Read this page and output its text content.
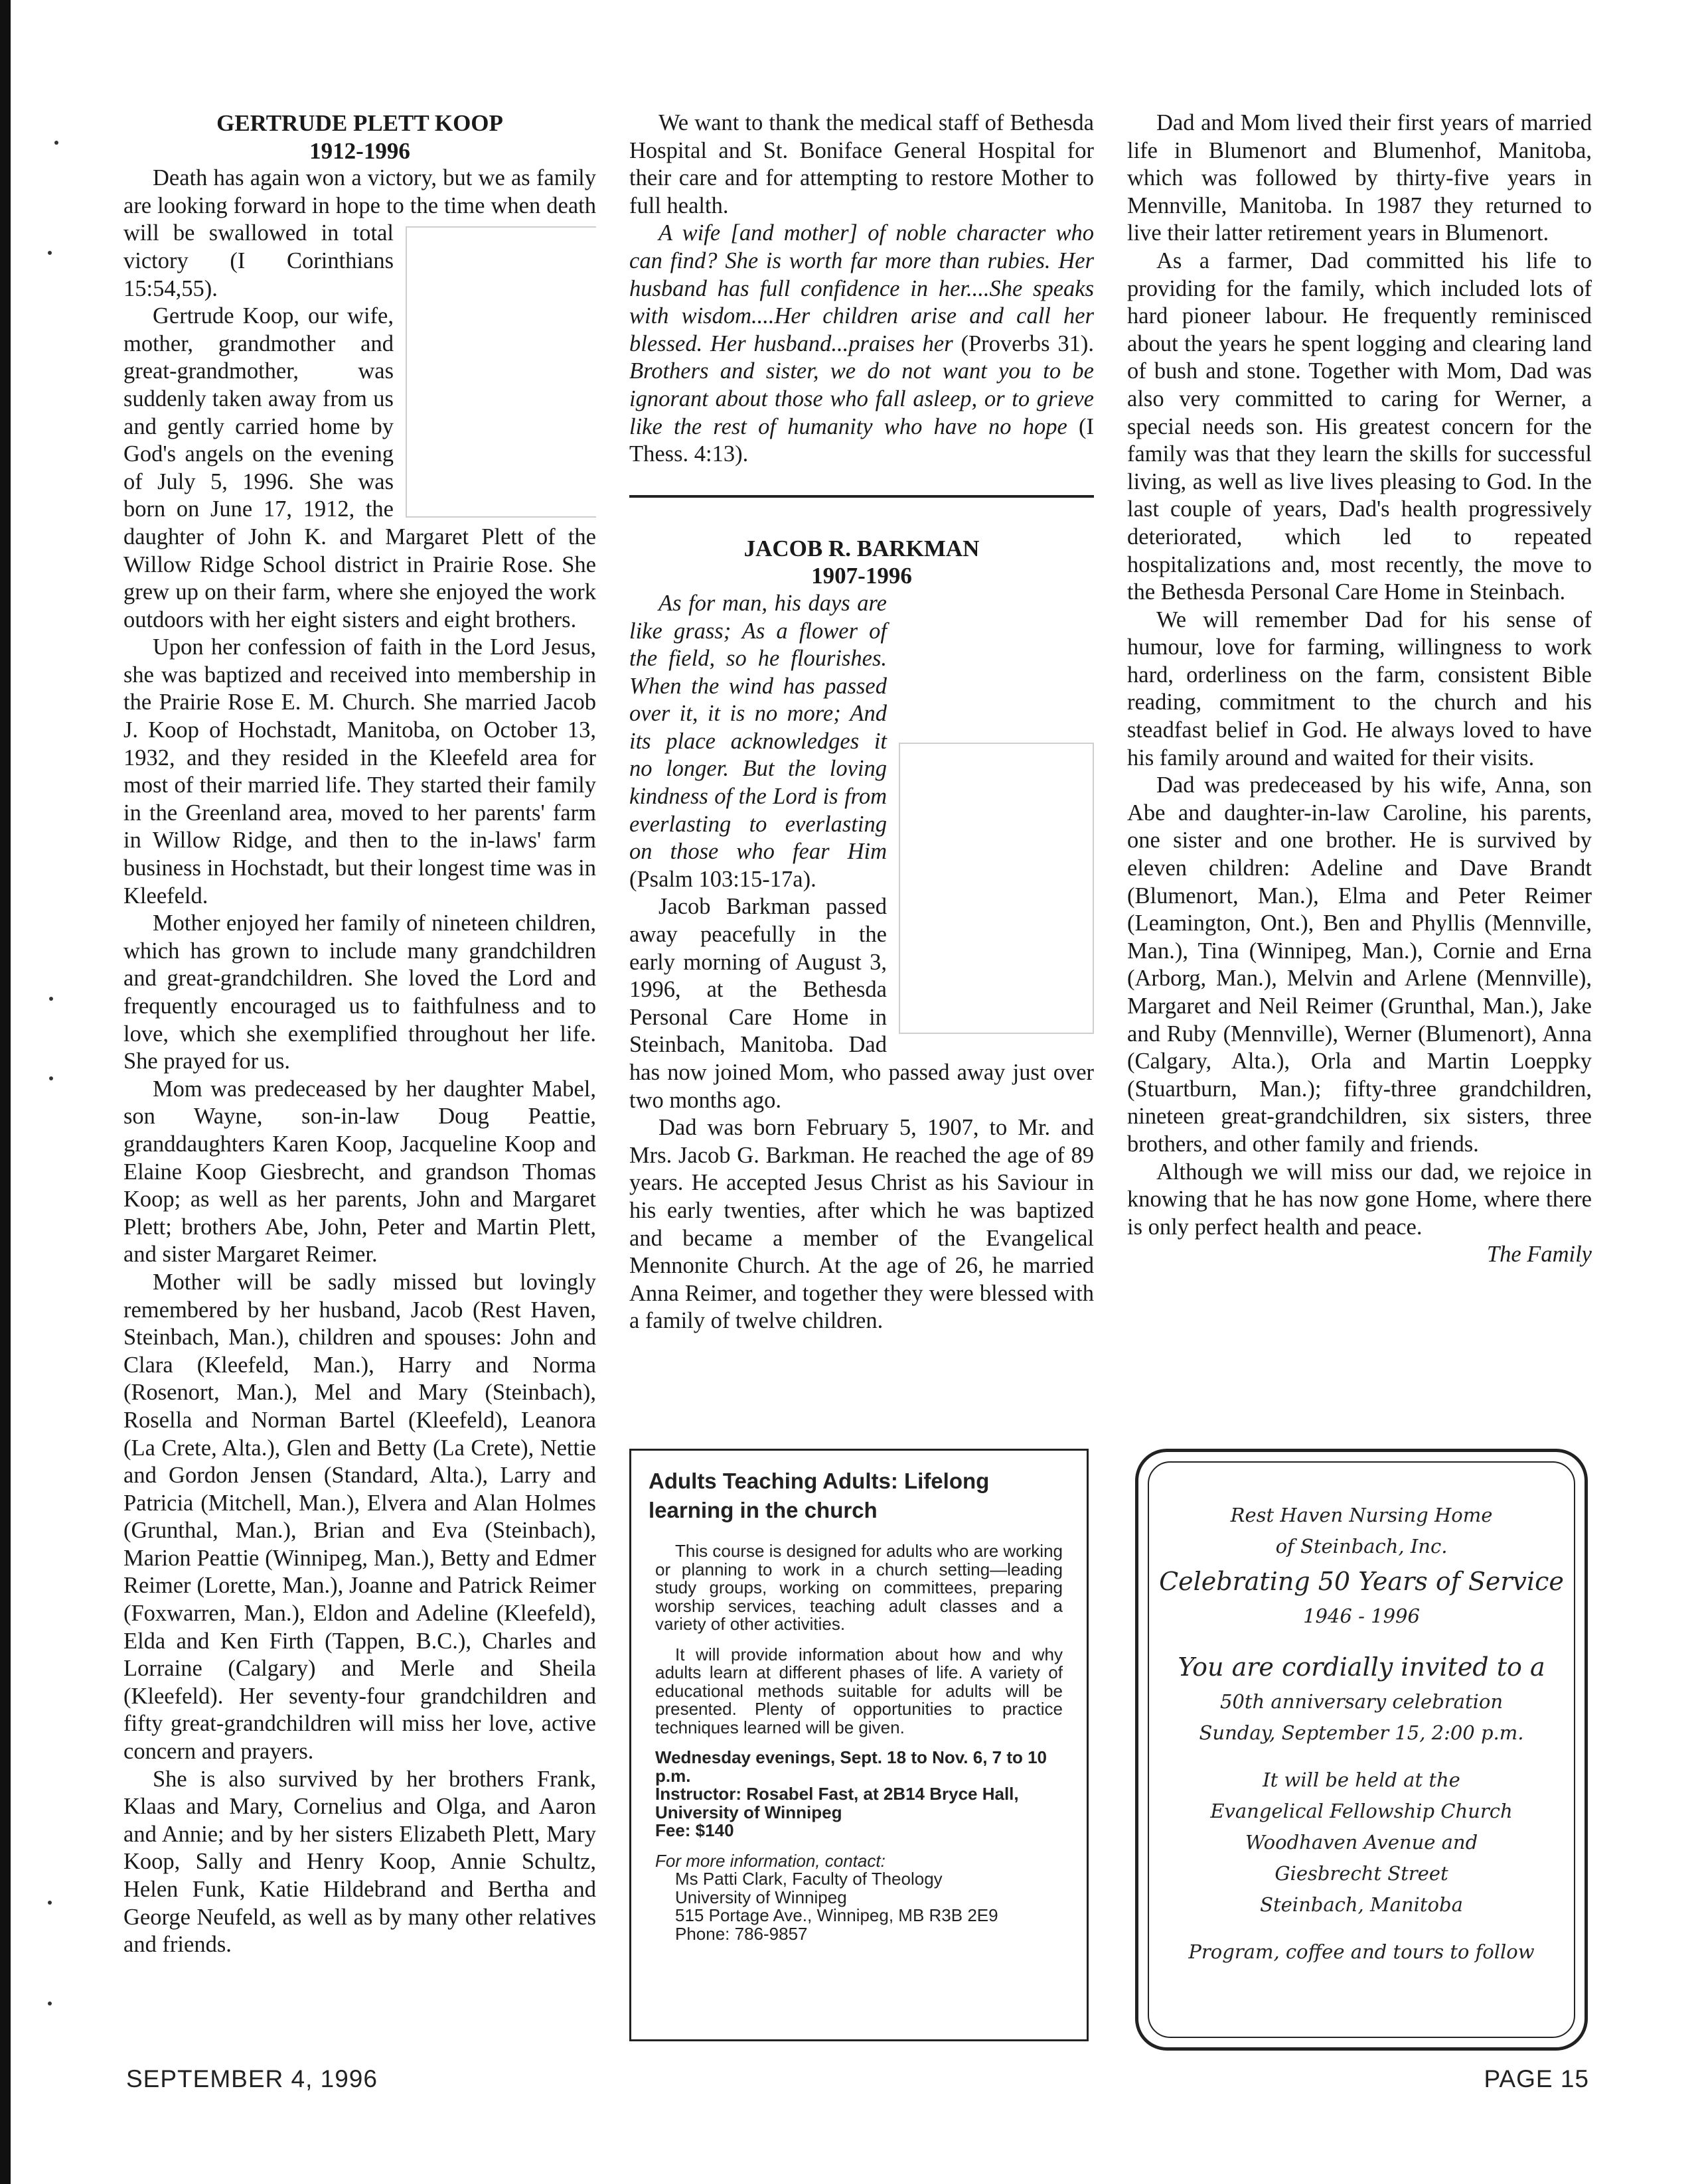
GERTRUDE PLETT KOOP
1912-1996

Death has again won a victory, but we as family are looking forward in hope to the time when death will be swallowed in total
victory (I Corinthians 15:54,55).

Gertrude Koop, our wife, mother, grandmother and great-grandmother, was suddenly taken away from us and gently carried home by God's angels on the evening of July 5, 1996. She was born on June 17, 1912, the daughter of John K. and Margaret Plett of the Willow Ridge School district in Prairie Rose. She grew up on their farm, where she enjoyed the work outdoors with her eight sisters and eight brothers.

Upon her confession of faith in the Lord Jesus, she was baptized and received into membership in the Prairie Rose E. M. Church. She married Jacob J. Koop of Hochstadt, Manitoba, on October 13, 1932, and they resided in the Kleefeld area for most of their married life. They started their family in the Greenland area, moved to her parents' farm in Willow Ridge, and then to the in-laws' farm business in Hochstadt, but their longest time was in Kleefeld.

Mother enjoyed her family of nineteen children, which has grown to include many grandchildren and great-grandchildren. She loved the Lord and frequently encouraged us to faithfulness and to love, which she exemplified throughout her life. She prayed for us.

Mom was predeceased by her daughter Mabel, son Wayne, son-in-law Doug Peattie, granddaughters Karen Koop, Jacqueline Koop and Elaine Koop Giesbrecht, and grandson Thomas Koop; as well as her parents, John and Margaret Plett; brothers Abe, John, Peter and Martin Plett, and sister Margaret Reimer.

Mother will be sadly missed but lovingly remembered by her husband, Jacob (Rest Haven, Steinbach, Man.), children and spouses: John and Clara (Kleefeld, Man.), Harry and Norma (Rosenort, Man.), Mel and Mary (Steinbach), Rosella and Norman Bartel (Kleefeld), Leanora (La Crete, Alta.), Glen and Betty (La Crete), Nettie and Gordon Jensen (Standard, Alta.), Larry and Patricia (Mitchell, Man.), Elvera and Alan Holmes (Grunthal, Man.), Brian and Eva (Steinbach), Marion Peattie (Winnipeg, Man.), Betty and Edmer Reimer (Lorette, Man.), Joanne and Patrick Reimer (Foxwarren, Man.), Eldon and Adeline (Kleefeld), Elda and Ken Firth (Tappen, B.C.), Charles and Lorraine (Calgary) and Merle and Sheila (Kleefeld). Her seventy-four grandchildren and fifty great-grandchildren will miss her love, active concern and prayers.

She is also survived by her brothers Frank, Klaas and Mary, Cornelius and Olga, and Aaron and Annie; and by her sisters Elizabeth Plett, Mary Koop, Sally and Henry Koop, Annie Schultz, Helen Funk, Katie Hildebrand and Bertha and George Neufeld, as well as by many other relatives and friends.

We want to thank the medical staff of Bethesda Hospital and St. Boniface General Hospital for their care and for attempting to restore Mother to full health.

A wife [and mother] of noble character who can find? She is worth far more than rubies. Her husband has full confidence in her....She speaks with wisdom....Her children arise and call her blessed. Her husband...praises her (Proverbs 31). Brothers and sister, we do not want you to be ignorant about those who fall asleep, or to grieve like the rest of humanity who have no hope (I Thess. 4:13).

JACOB R. BARKMAN
1907-1996

As for man, his days are like grass; As a flower of the field, so he flourishes. When the wind has passed over it, it is no more; And its place acknowledges it no longer. But the loving kindness of the Lord is from everlasting to everlasting on those who fear Him (Psalm 103:15-17a).

Jacob Barkman passed away peacefully in the early morning of August 3, 1996, at the Bethesda Personal Care Home in Steinbach, Manitoba. Dad has now joined Mom, who passed away just over two months ago.

Dad was born February 5, 1907, to Mr. and Mrs. Jacob G. Barkman. He reached the age of 89 years. He accepted Jesus Christ as his Saviour in his early twenties, after which he was baptized and became a member of the Evangelical Mennonite Church. At the age of 26, he married Anna Reimer, and together they were blessed with a family of twelve children.

Dad and Mom lived their first years of married life in Blumenort and Blumenhof, Manitoba, which was followed by thirty-five years in Mennville, Manitoba. In 1987 they returned to live their latter retirement years in Blumenort.

As a farmer, Dad committed his life to providing for the family, which included lots of hard pioneer labour. He frequently reminisced about the years he spent logging and clearing land of bush and stone. Together with Mom, Dad was also very committed to caring for Werner, a special needs son. His greatest concern for the family was that they learn the skills for successful living, as well as live lives pleasing to God. In the last couple of years, Dad's health progressively deteriorated, which led to repeated hospitalizations and, most recently, the move to the Bethesda Personal Care Home in Steinbach.

We will remember Dad for his sense of humour, love for farming, willingness to work hard, orderliness on the farm, consistent Bible reading, commitment to the church and his steadfast belief in God. He always loved to have his family around and waited for their visits.

Dad was predeceased by his wife, Anna, son Abe and daughter-in-law Caroline, his parents, one sister and one brother. He is survived by eleven children: Adeline and Dave Brandt (Blumenort, Man.), Elma and Peter Reimer (Leamington, Ont.), Ben and Phyllis (Mennville, Man.), Tina (Winnipeg, Man.), Cornie and Erna (Arborg, Man.), Melvin and Arlene (Mennville), Margaret and Neil Reimer (Grunthal, Man.), Jake and Ruby (Mennville), Werner (Blumenort), Anna (Calgary, Alta.), Orla and Martin Loeppky (Stuartburn, Man.); fifty-three grandchildren, nineteen great-grandchildren, six sisters, three brothers, and other family and friends.

Although we will miss our dad, we rejoice in knowing that he has now gone Home, where there is only perfect health and peace.

The Family
Adults Teaching Adults: Lifelong learning in the church

This course is designed for adults who are working or planning to work in a church setting—leading study groups, working on committees, preparing worship services, teaching adult classes and a variety of other activities.

It will provide information about how and why adults learn at different phases of life. A variety of educational methods suitable for adults will be presented. Plenty of opportunities to practice techniques learned will be given.

Wednesday evenings, Sept. 18 to Nov. 6, 7 to 10 p.m.

Instructor: Rosabel Fast, at 2B14 Bryce Hall, University of Winnipeg

Fee: $140

For more information, contact:

Ms Patti Clark, Faculty of Theology

University of Winnipeg

515 Portage Ave., Winnipeg, MB R3B 2E9

Phone: 786-9857

Rest Haven Nursing Home
of Steinbach, Inc.
Celebrating 50 Years of Service
1946 - 1996
You are cordially invited to a
50th anniversary celebration
Sunday, September 15, 2:00 p.m.
It will be held at the
Evangelical Fellowship Church
Woodhaven Avenue and
Giesbrecht Street
Steinbach, Manitoba
Program, coffee and tours to follow
SEPTEMBER 4, 1996	PAGE 15
